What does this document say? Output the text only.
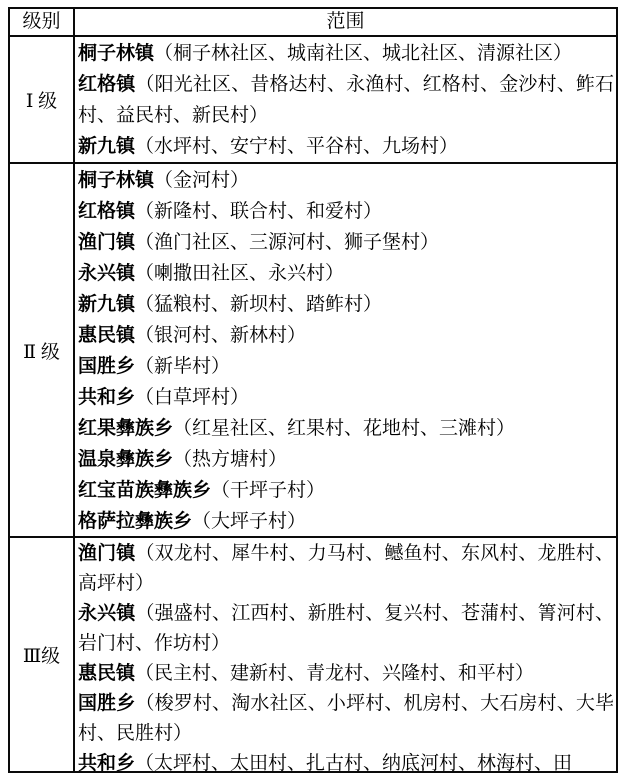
级别	范围
Ⅰ 级

桐子林镇（桐子林社区、城南社区、城北社区、清源社区）

红格镇（阳光社区、昔格达村、永渔村、红格村、金沙村、鲊石村、益民村、新民村）

新九镇（水坪村、安宁村、平谷村、九场村）

Ⅱ 级

桐子林镇（金河村）

红格镇（新隆村、联合村、和爱村）

渔门镇（渔门社区、三源河村、狮子堡村）

永兴镇（喇撒田社区、永兴村）

新九镇（猛粮村、新坝村、踏鲊村）

惠民镇（银河村、新林村）

国胜乡（新毕村）

共和乡（白草坪村）

红果彝族乡（红星社区、红果村、花地村、三滩村）

温泉彝族乡（热方塘村）

红宝苗族彝族乡（干坪子村）

格萨拉彝族乡（大坪子村）

Ⅲ级

渔门镇（双龙村、犀牛村、力马村、鳡鱼村、东风村、龙胜村、高坪村）

永兴镇（强盛村、江西村、新胜村、复兴村、苍蒲村、箐河村、岩门村、作坊村）

惠民镇（民主村、建新村、青龙村、兴隆村、和平村）

国胜乡（梭罗村、淘水社区、小坪村、机房村、大石房村、大毕村、民胜村）

共和乡（太坪村、太田村、扎古村、纳底河村、林海村、田
